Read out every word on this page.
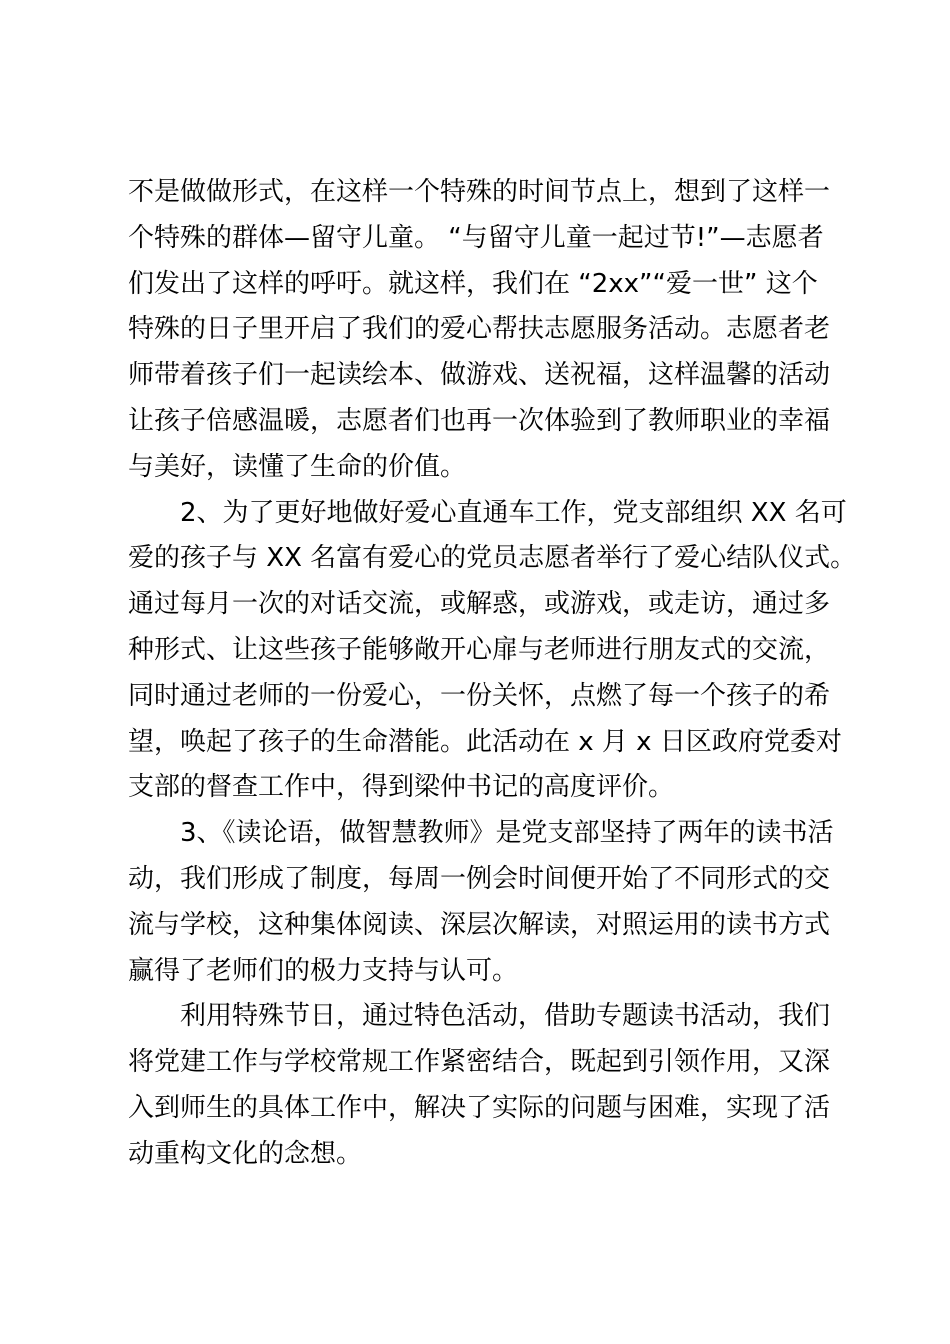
不是做做形式，在这样一个特殊的时间节点上，想到了这样一
个特殊的群体—留守儿童。 “与留守儿童一起过节!”—志愿者
们发出了这样的呼吁。就这样，我们在 “2xx”“爱一世” 这个
特殊的日子里开启了我们的爱心帮扶志愿服务活动。志愿者老
师带着孩子们一起读绘本、做游戏、送祝福，这样温馨的活动
让孩子倍感温暖，志愿者们也再一次体验到了教师职业的幸福
与美好，读懂了生命的价值。

2、为了更好地做好爱心直通车工作，党支部组织 XX 名可
爱的孩子与 XX 名富有爱心的党员志愿者举行了爱心结队仪式。
通过每月一次的对话交流，或解惑，或游戏，或走访，通过多
种形式、让这些孩子能够敞开心扉与老师进行朋友式的交流，
同时通过老师的一份爱心，一份关怀，点燃了每一个孩子的希
望，唤起了孩子的生命潜能。此活动在 x 月 x 日区政府党委对
支部的督查工作中，得到梁仲书记的高度评价。

3、《读论语，做智慧教师》是党支部坚持了两年的读书活
动，我们形成了制度，每周一例会时间便开始了不同形式的交
流与学校，这种集体阅读、深层次解读，对照运用的读书方式
赢得了老师们的极力支持与认可。

利用特殊节日，通过特色活动，借助专题读书活动，我们
将党建工作与学校常规工作紧密结合，既起到引领作用，又深
入到师生的具体工作中，解决了实际的问题与困难，实现了活
动重构文化的念想。
